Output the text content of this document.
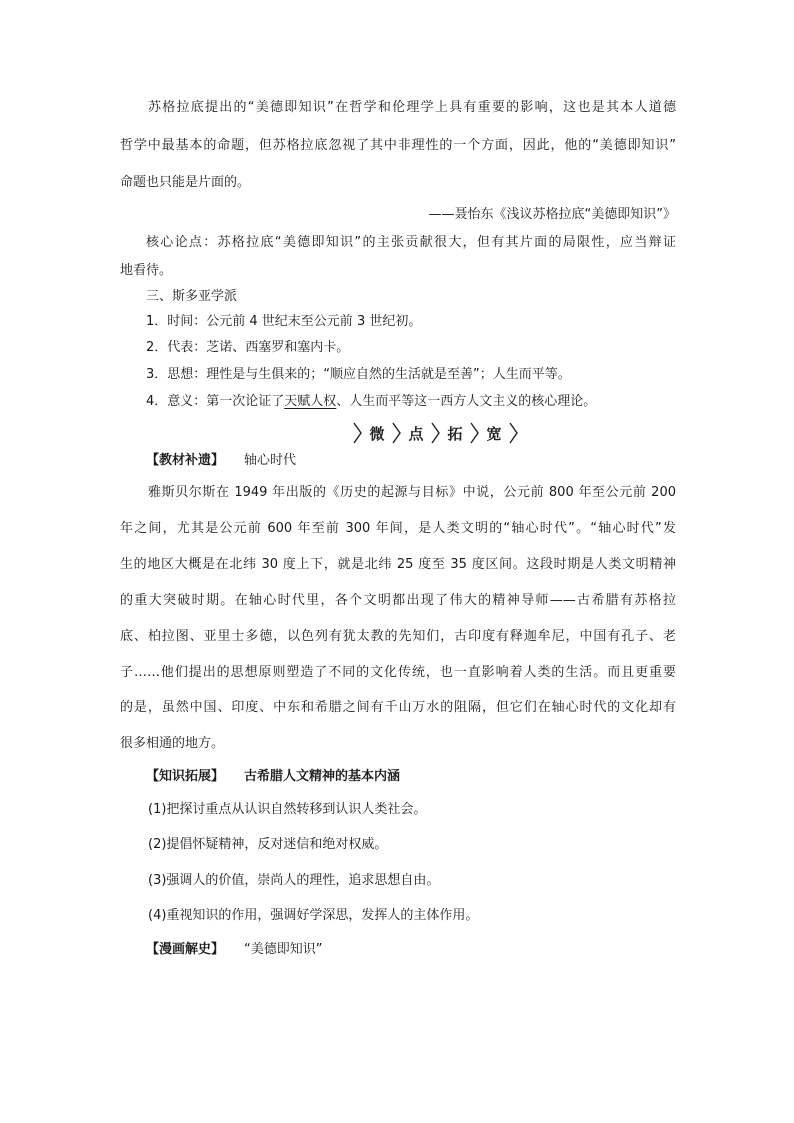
苏格拉底提出的“美德即知识”在哲学和伦理学上具有重要的影响，这也是其本人道德
哲学中最基本的命题，但苏格拉底忽视了其中非理性的一个方面，因此，他的“美德即知识”
命题也只能是片面的。
——聂怡东《浅议苏格拉底“美德即知识”》
核心论点：苏格拉底“美德即知识”的主张贡献很大，但有其片面的局限性，应当辩证
地看待。
三、斯多亚学派
1．时间：公元前 4 世纪末至公元前 3 世纪初。
2．代表：芝诺、西塞罗和塞内卡。
3．思想：理性是与生俱来的；“顺应自然的生活就是至善”；人生而平等。
4．意义：第一次论证了天赋人权、人生而平等这一西方人文主义的核心理论。
微	点	拓	宽
【教材补遗】 轴心时代
雅斯贝尔斯在 1949 年出版的《历史的起源与目标》中说，公元前 800 年至公元前 200
年之间，尤其是公元前 600 年至前 300 年间，是人类文明的“轴心时代”。“轴心时代”发
生的地区大概是在北纬 30 度上下，就是北纬 25 度至 35 度区间。这段时期是人类文明精神
的重大突破时期。在轴心时代里，各个文明都出现了伟大的精神导师——古希腊有苏格拉
底、柏拉图、亚里士多德，以色列有犹太教的先知们，古印度有释迦牟尼，中国有孔子、老
子……他们提出的思想原则塑造了不同的文化传统，也一直影响着人类的生活。而且更重要
的是，虽然中国、印度、中东和希腊之间有千山万水的阻隔，但它们在轴心时代的文化却有
很多相通的地方。
【知识拓展】 古希腊人文精神的基本内涵
(1)把探讨重点从认识自然转移到认识人类社会。
(2)提倡怀疑精神，反对迷信和绝对权威。
(3)强调人的价值，崇尚人的理性，追求思想自由。
(4)重视知识的作用，强调好学深思，发挥人的主体作用。
【漫画解史】 “美德即知识”
